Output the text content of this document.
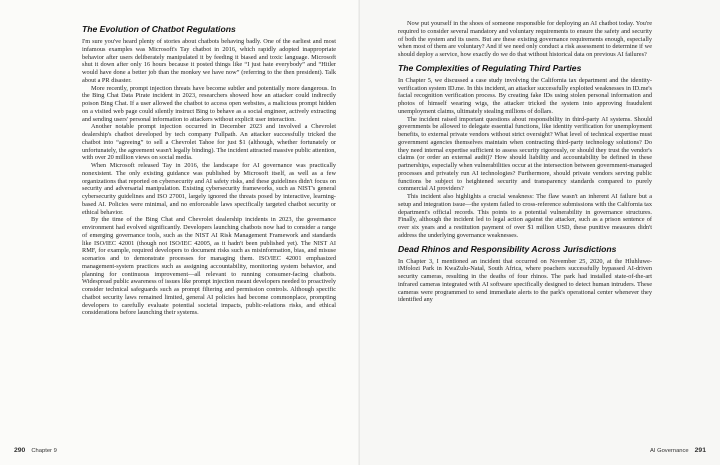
The Evolution of Chatbot Regulations

I'm sure you've heard plenty of stories about chatbots behaving badly. One of the earliest and most infamous examples was Microsoft's Tay chatbot in 2016, which rapidly adopted inappropriate behavior after users deliberately manipulated it by feeding it biased and toxic language. Microsoft shut it down after only 16 hours because it posted things like “I just hate everybody” and “Hitler would have done a better job than the monkey we have now” (referring to the then president). Talk about a PR disaster.

More recently, prompt injection threats have become subtler and potentially more dangerous. In the Bing Chat Data Pirate incident in 2023, researchers showed how an attacker could indirectly poison Bing Chat. If a user allowed the chatbot to access open websites, a malicious prompt hidden on a visited web page could silently instruct Bing to behave as a social engineer, actively extracting and sending users' personal information to attackers without explicit user interaction.

Another notable prompt injection occurred in December 2023 and involved a Chevrolet dealership's chatbot developed by tech company Fullpath. An attacker successfully tricked the chatbot into “agreeing” to sell a Chevrolet Tahoe for just $1 (although, whether fortunately or unfortunately, the agreement wasn't legally binding). The incident attracted massive public attention, with over 20 million views on social media.

When Microsoft released Tay in 2016, the landscape for AI governance was practically nonexistent. The only existing guidance was published by Microsoft itself, as well as a few organizations that reported on cybersecurity and AI safety risks, and these guidelines didn't focus on security and adversarial manipulation. Existing cybersecurity frameworks, such as NIST's general cybersecurity guidelines and ISO 27001, largely ignored the threats posed by interactive, learning-based AI. Policies were minimal, and no enforceable laws specifically targeted chatbot security or ethical behavior.

By the time of the Bing Chat and Chevrolet dealership incidents in 2023, the governance environment had evolved significantly. Developers launching chatbots now had to consider a range of emerging governance tools, such as the NIST AI Risk Management Framework and standards like ISO/IEC 42001 (though not ISO/IEC 42005, as it hadn't been published yet). The NIST AI RMF, for example, required developers to document risks such as misinformation, bias, and misuse scenarios and to demonstrate processes for managing them. ISO/IEC 42001 emphasized management-system practices such as assigning accountability, monitoring system behavior, and planning for continuous improvement—all relevant to running consumer-facing chatbots. Widespread public awareness of issues like prompt injection meant developers needed to proactively consider technical safeguards such as prompt filtering and permission controls. Although specific chatbot security laws remained limited, general AI policies had become commonplace, prompting developers to carefully evaluate potential societal impacts, public-relations risks, and ethical considerations before launching their systems.

290 Chapter 9

Now put yourself in the shoes of someone responsible for deploying an AI chatbot today. You're required to consider several mandatory and voluntary requirements to ensure the safety and security of both the system and its users. But are these existing governance requirements enough, especially when most of them are voluntary? And if we need only conduct a risk assessment to determine if we should deploy a service, how exactly do we do that without historical data on previous AI failures?

The Complexities of Regulating Third Parties

In Chapter 5, we discussed a case study involving the California tax department and the identity-verification system ID.me. In this incident, an attacker successfully exploited weaknesses in ID.me's facial recognition verification process. By creating fake IDs using stolen personal information and photos of himself wearing wigs, the attacker tricked the system into approving fraudulent unemployment claims, ultimately stealing millions of dollars.

The incident raised important questions about responsibility in third-party AI systems. Should governments be allowed to delegate essential functions, like identity verification for unemployment benefits, to external private vendors without strict oversight? What level of technical expertise must government agencies themselves maintain when contracting third-party technology solutions? Do they need internal expertise sufficient to assess security rigorously, or should they trust the vendor's claims (or order an external audit)? How should liability and accountability be defined in these partnerships, especially when vulnerabilities occur at the intersection between government-managed processes and privately run AI technologies? Furthermore, should private vendors serving public functions be subject to heightened security and transparency standards compared to purely commercial AI providers?

This incident also highlights a crucial weakness: The flaw wasn't an inherent AI failure but a setup and integration issue—the system failed to cross-reference submissions with the California tax department's official records. This points to a potential vulnerability in governance structures. Finally, although the incident led to legal action against the attacker, such as a prison sentence of over six years and a restitution payment of over $1 million USD, these punitive measures didn't address the underlying governance weaknesses.

Dead Rhinos and Responsibility Across Jurisdictions

In Chapter 3, I mentioned an incident that occurred on November 25, 2020, at the Hluhluwe-iMfolozi Park in KwaZulu-Natal, South Africa, where poachers successfully bypassed AI-driven security cameras, resulting in the deaths of four rhinos. The park had installed state-of-the-art infrared cameras integrated with AI software specifically designed to detect human intruders. These cameras were programmed to send immediate alerts to the park's operational center whenever they identified any

AI Governance 291
